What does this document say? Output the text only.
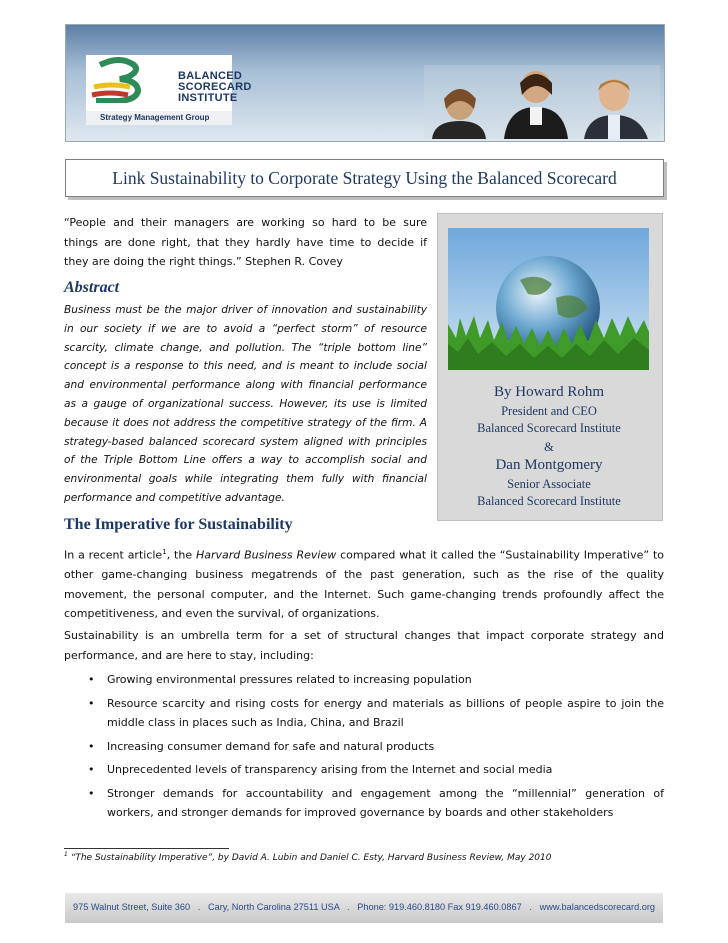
BALANCED
SCORECARD
INSTITUTE
Strategy Management Group
Link Sustainability to Corporate Strategy Using the Balanced Scorecard
“People and their managers are working so hard to be sure things are done right, that they hardly have time to decide if they are doing the right things.” Stephen R. Covey
Abstract
Business must be the major driver of innovation and sustainability in our society if we are to avoid a “perfect storm” of resource scarcity, climate change, and pollution. The “triple bottom line” concept is a response to this need, and is meant to include social and environmental performance along with financial performance as a gauge of organizational success. However, its use is limited because it does not address the competitive strategy of the firm. A strategy-based balanced scorecard system aligned with principles of the Triple Bottom Line offers a way to accomplish social and environmental goals while integrating them fully with financial performance and competitive advantage.
By Howard Rohm
President and CEO
Balanced Scorecard Institute
&
Dan Montgomery
Senior Associate
Balanced Scorecard Institute
The Imperative for Sustainability
In a recent article$^1$, the Harvard Business Review compared what it called the “Sustainability Imperative” to other game-changing business megatrends of the past generation, such as the rise of the quality movement, the personal computer, and the Internet. Such game-changing trends profoundly affect the competitiveness, and even the survival, of organizations.
Sustainability is an umbrella term for a set of structural changes that impact corporate strategy and performance, and are here to stay, including:
• Growing environmental pressures related to increasing population
• Resource scarcity and rising costs for energy and materials as billions of people aspire to join the middle class in places such as India, China, and Brazil
• Increasing consumer demand for safe and natural products
• Unprecedented levels of transparency arising from the Internet and social media
• Stronger demands for accountability and engagement among the “millennial” generation of workers, and stronger demands for improved governance by boards and other stakeholders
$^1$ “The Sustainability Imperative”, by David A. Lubin and Daniel C. Esty, Harvard Business Review, May 2010
975 Walnut Street, Suite 360   .   Cary, North Carolina 27511 USA   .   Phone: 919.460.8180 Fax 919.460.0867   .   www.balancedscorecard.org
